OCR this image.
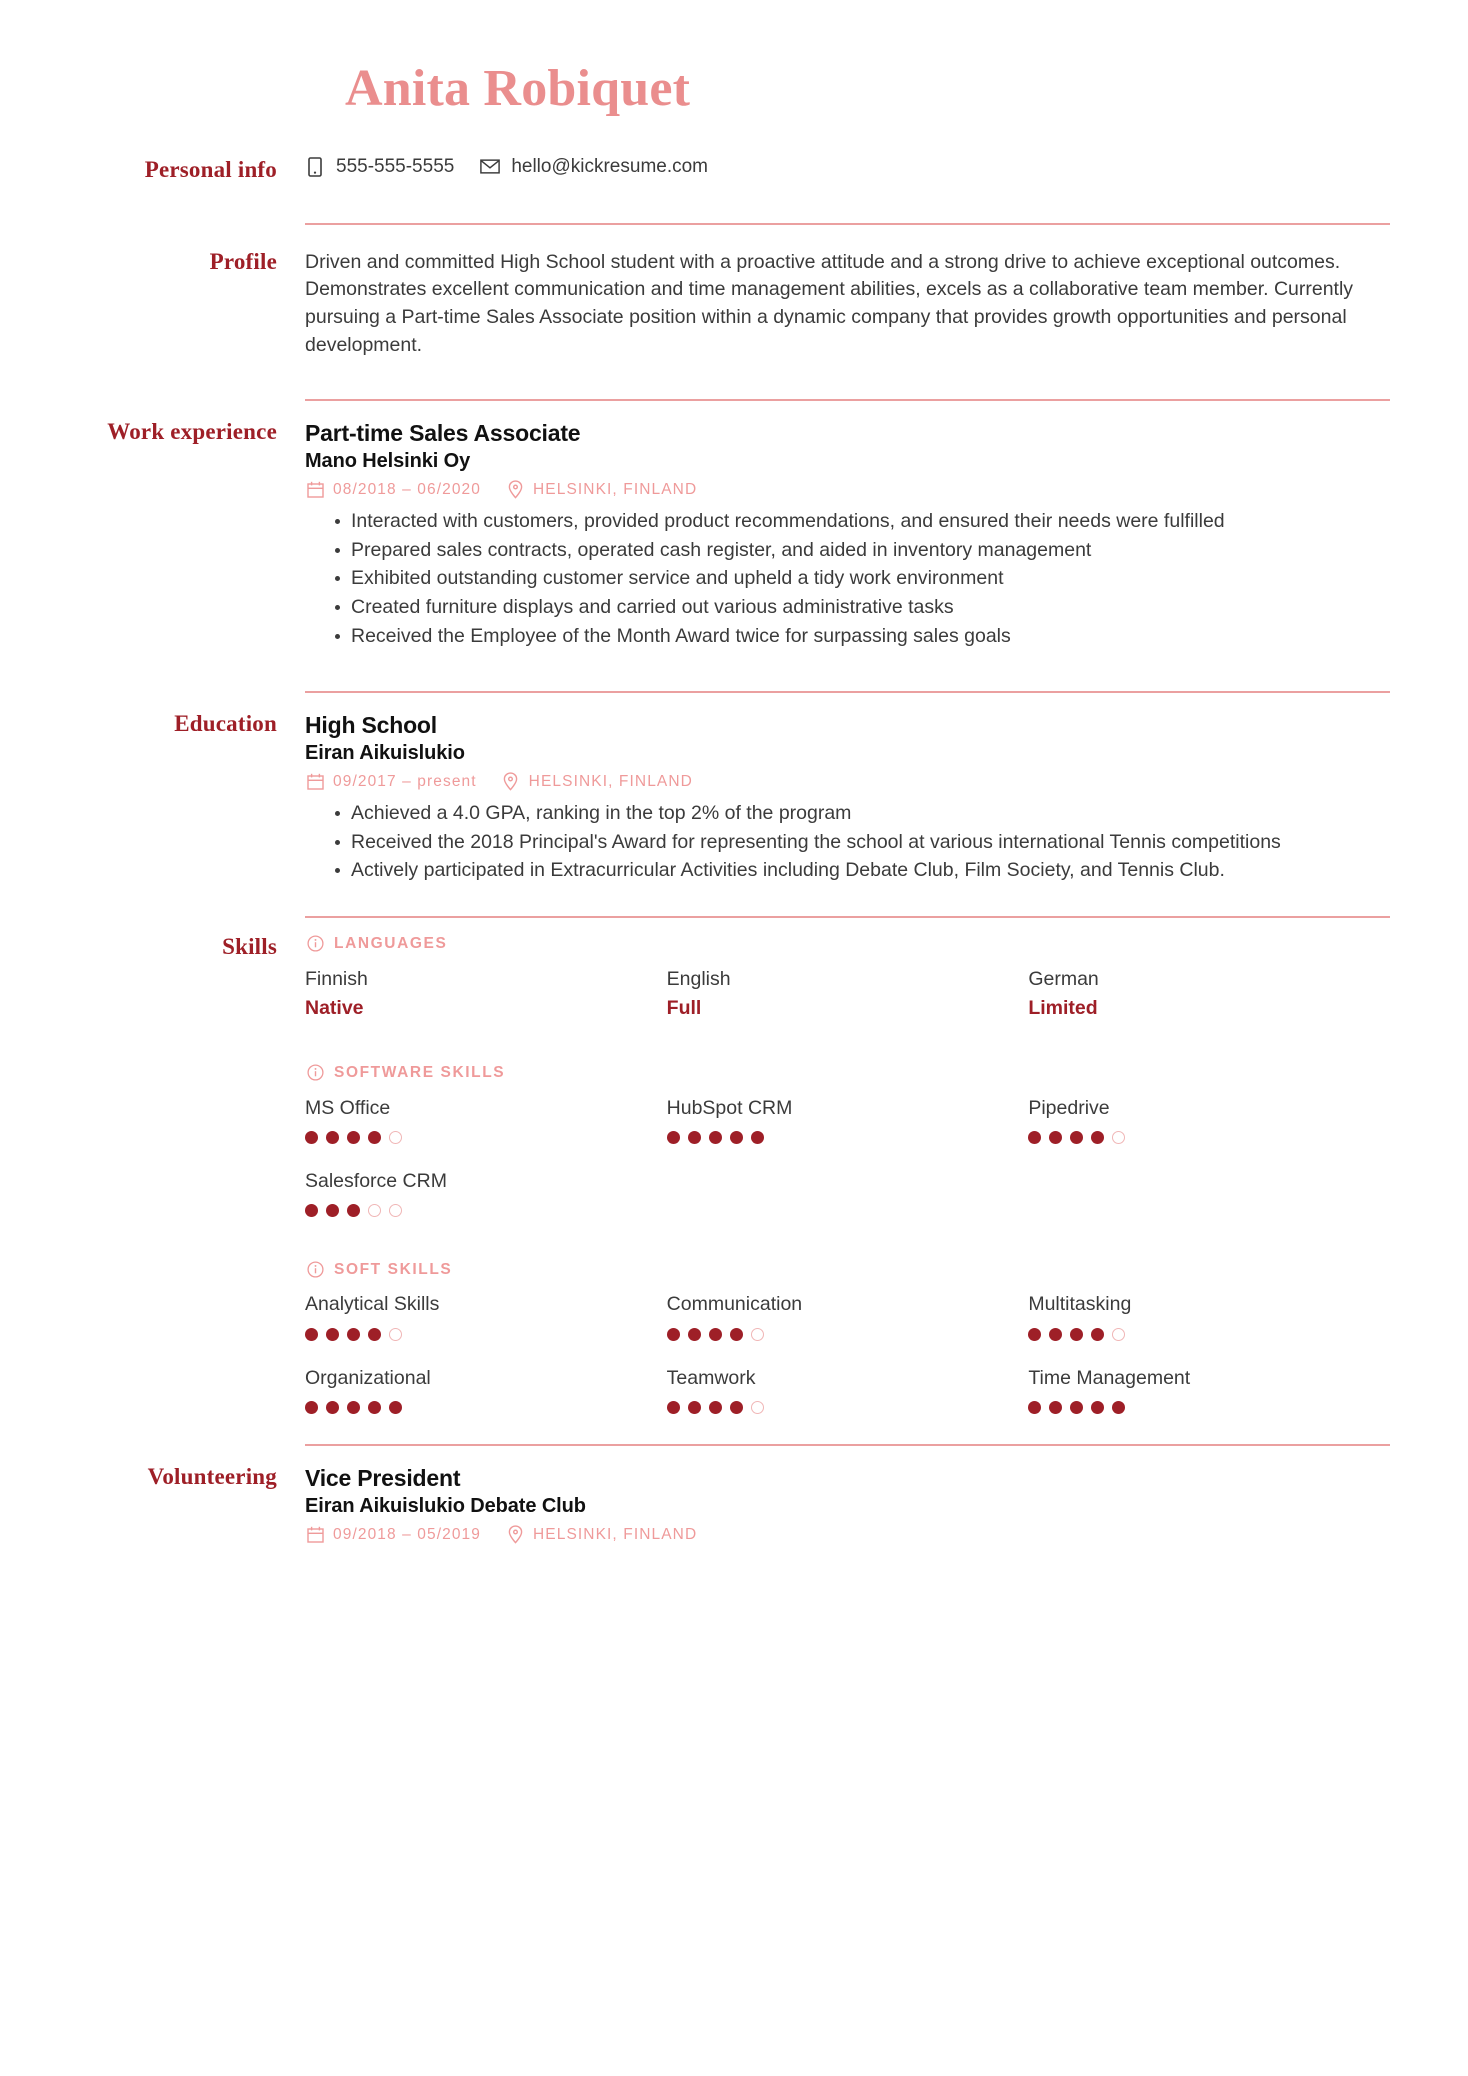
Anita Robiquet
Personal info	555-555-5555	hello@kickresume.com
Profile Driven and committed High School student with a proactive attitude and a strong drive to achieve exceptional outcomes. Demonstrates excellent communication and time management abilities, excels as a collaborative team member. Currently pursuing a Part-time Sales Associate position within a dynamic company that provides growth opportunities and personal development.

Work experience Part-time Sales Associate
Mano Helsinki Oy
08/2018 – 06/2020	HELSINKI, FINLAND
Interacted with customers, provided product recommendations, and ensured their needs were fulfilled
Prepared sales contracts, operated cash register, and aided in inventory management
Exhibited outstanding customer service and upheld a tidy work environment
Created furniture displays and carried out various administrative tasks
Received the Employee of the Month Award twice for surpassing sales goals
Education High School
Eiran Aikuislukio
09/2017 – present	HELSINKI, FINLAND
Achieved a 4.0 GPA, ranking in the top 2% of the program
Received the 2018 Principal's Award for representing the school at various international Tennis competitions
Actively participated in Extracurricular Activities including Debate Club, Film Society, and Tennis Club.
Skills	LANGUAGES
Finnish
Native
English
Full
German
Limited
SOFTWARE SKILLS
MS Office	HubSpot CRM	Pipedrive
Salesforce CRM
SOFT SKILLS
Analytical Skills	Communication	Multitasking
Organizational	Teamwork	Time Management
Volunteering Vice President
Eiran Aikuislukio Debate Club
09/2018 – 05/2019	HELSINKI, FINLAND
